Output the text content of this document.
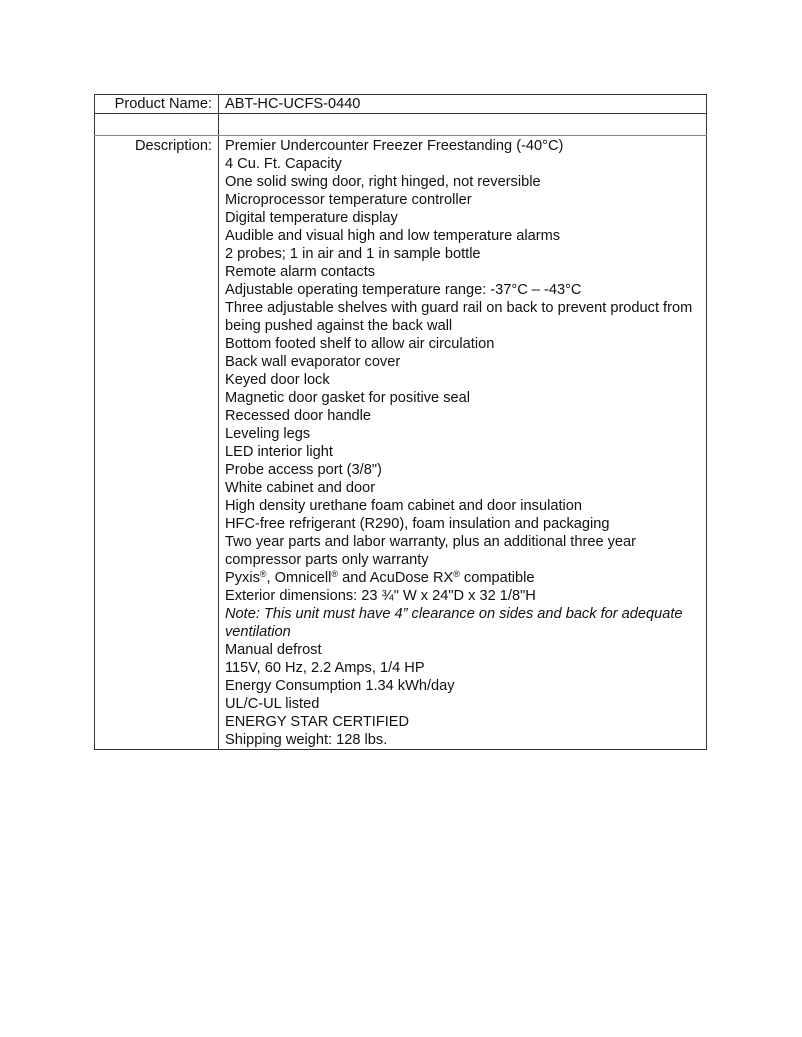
Product Name:	ABT-HC-UCFS-0440

Description:	Premier Undercounter Freezer Freestanding (-40°C)
4 Cu. Ft. Capacity
One solid swing door, right hinged, not reversible
Microprocessor temperature controller
Digital temperature display
Audible and visual high and low temperature alarms
2 probes; 1 in air and 1 in sample bottle
Remote alarm contacts
Adjustable operating temperature range: -37°C – -43°C
Three adjustable shelves with guard rail on back to prevent product from being pushed against the back wall
Bottom footed shelf to allow air circulation
Back wall evaporator cover
Keyed door lock
Magnetic door gasket for positive seal
Recessed door handle
Leveling legs
LED interior light
Probe access port (3/8")
White cabinet and door
High density urethane foam cabinet and door insulation
HFC-free refrigerant (R290), foam insulation and packaging
Two year parts and labor warranty, plus an additional three year compressor parts only warranty
Pyxis®, Omnicell® and AcuDose RX® compatible
Exterior dimensions: 23 ¾" W x 24"D x 32 1/8"H
Note: This unit must have 4” clearance on sides and back for adequate ventilation
Manual defrost
115V, 60 Hz, 2.2 Amps, 1/4 HP
Energy Consumption 1.34 kWh/day
UL/C-UL listed
ENERGY STAR CERTIFIED
Shipping weight: 128 lbs.
